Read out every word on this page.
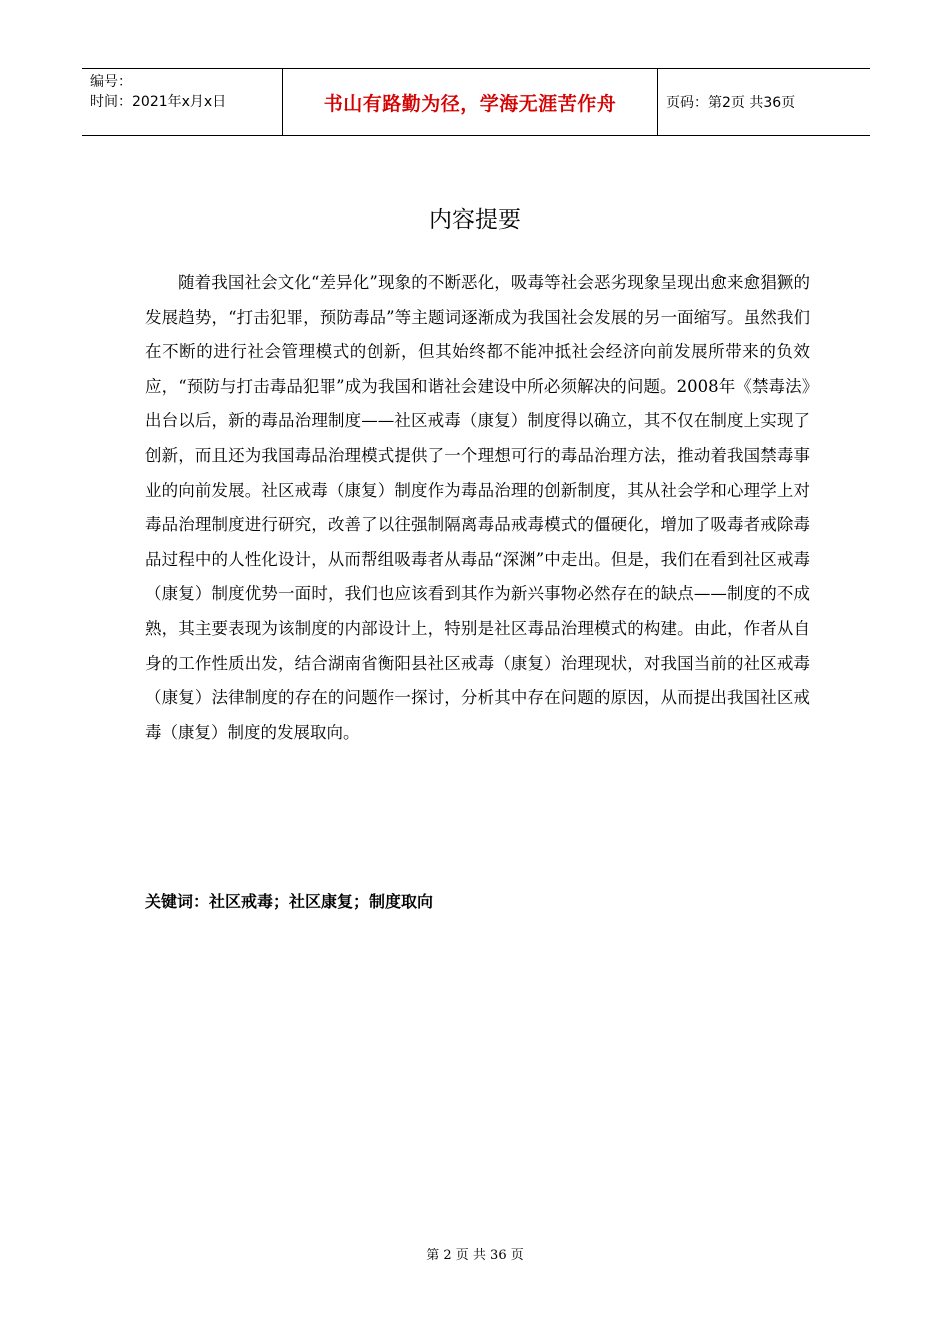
编号：
时间：2021年x月x日	书山有路勤为径，学海无涯苦作舟	页码：第2页 共36页
内容提要

随着我国社会文化“差异化”现象的不断恶化，吸毒等社会恶劣现象呈现出愈来愈猖獗的发展趋势，“打击犯罪，预防毒品”等主题词逐渐成为我国社会发展的另一面缩写。虽然我们在不断的进行社会管理模式的创新，但其始终都不能冲抵社会经济向前发展所带来的负效应，“预防与打击毒品犯罪”成为我国和谐社会建设中所必须解决的问题。2008年《禁毒法》出台以后，新的毒品治理制度——社区戒毒（康复）制度得以确立，其不仅在制度上实现了创新，而且还为我国毒品治理模式提供了一个理想可行的毒品治理方法，推动着我国禁毒事业的向前发展。社区戒毒（康复）制度作为毒品治理的创新制度，其从社会学和心理学上对毒品治理制度进行研究，改善了以往强制隔离毒品戒毒模式的僵硬化，增加了吸毒者戒除毒品过程中的人性化设计，从而帮组吸毒者从毒品“深渊”中走出。但是，我们在看到社区戒毒（康复）制度优势一面时，我们也应该看到其作为新兴事物必然存在的缺点——制度的不成熟，其主要表现为该制度的内部设计上，特别是社区毒品治理模式的构建。由此，作者从自身的工作性质出发，结合湖南省衡阳县社区戒毒（康复）治理现状，对我国当前的社区戒毒（康复）法律制度的存在的问题作一探讨，分析其中存在问题的原因，从而提出我国社区戒毒（康复）制度的发展取向。

关键词：社区戒毒；社区康复；制度取向
第 2 页 共 36 页
